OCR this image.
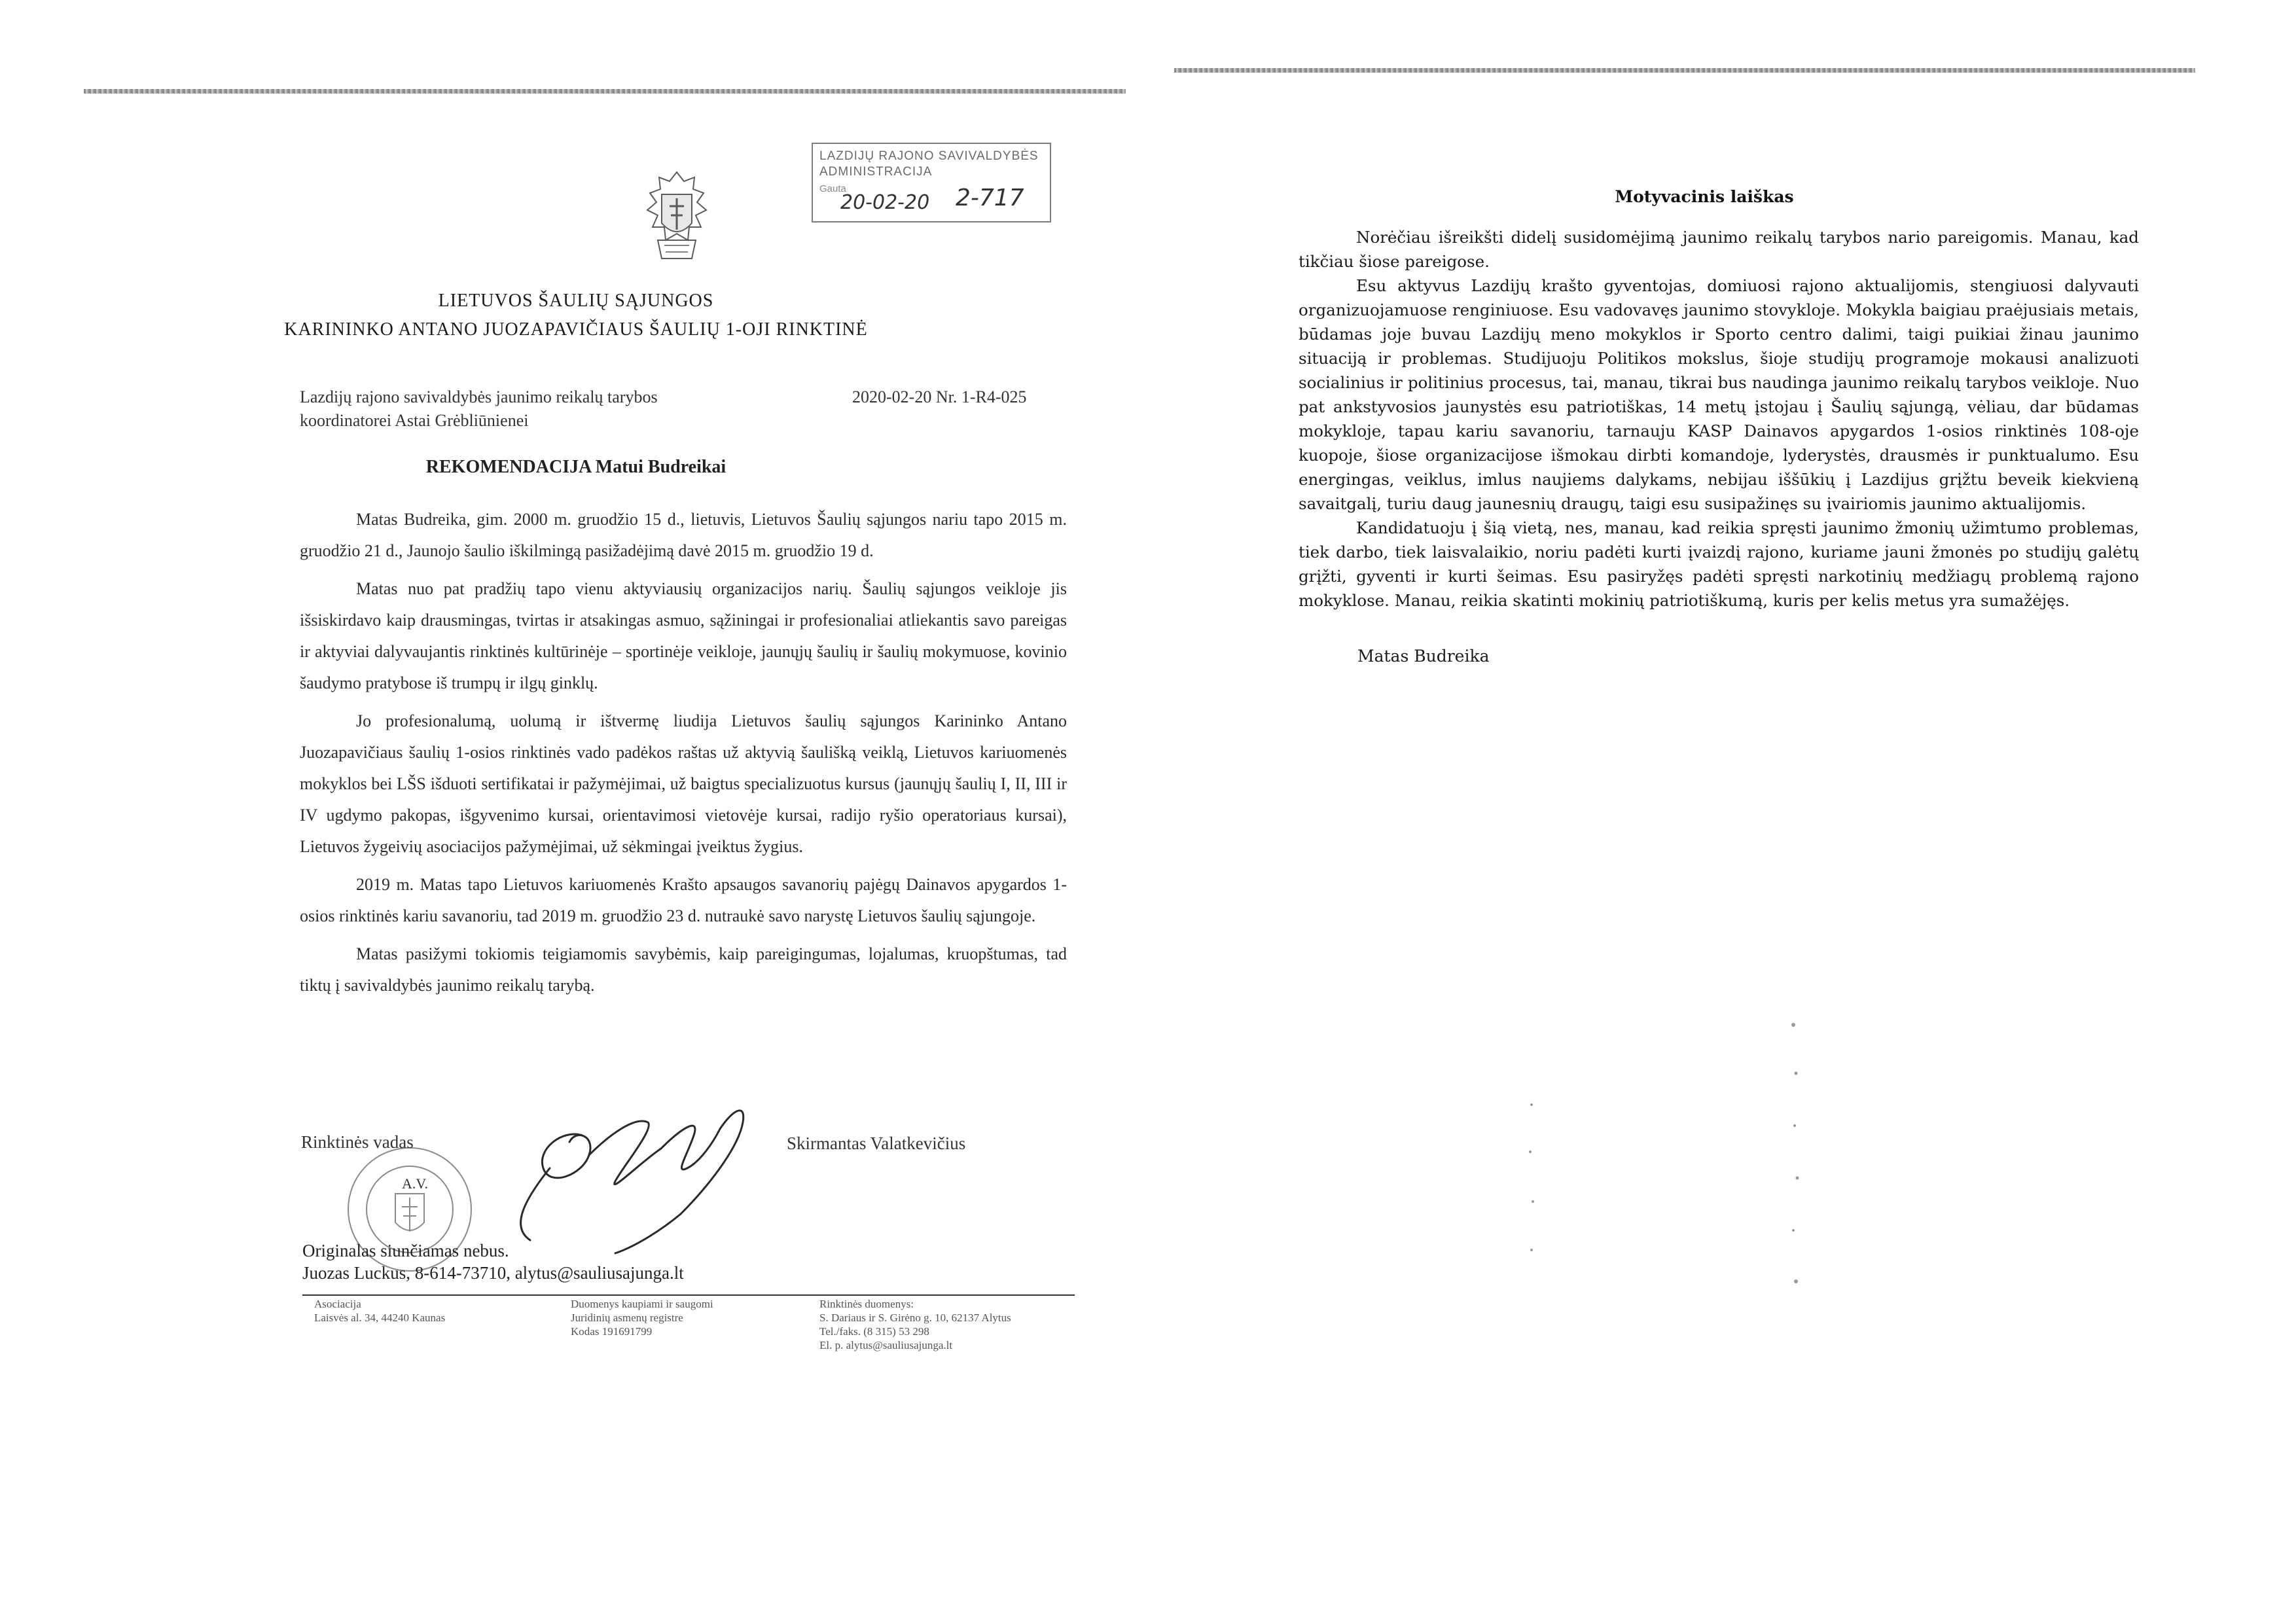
LAZDIJŲ RAJONO SAVIVALDYBĖS
ADMINISTRACIJA
Gauta
20-02-20 2-717
LIETUVOS ŠAULIŲ SĄJUNGOS
KARININKO ANTANO JUOZAPAVIČIAUS ŠAULIŲ 1-OJI RINKTINĖ
Lazdijų rajono savivaldybės jaunimo reikalų tarybos
koordinatorei Astai Grėbliūnienei
2020-02-20 Nr. 1-R4-025
REKOMENDACIJA Matui Budreikai

Matas Budreika, gim. 2000 m. gruodžio 15 d., lietuvis, Lietuvos Šaulių sąjungos nariu tapo 2015 m. gruodžio 21 d., Jaunojo šaulio iškilmingą pasižadėjimą davė 2015 m. gruodžio 19 d.

Matas nuo pat pradžių tapo vienu aktyviausių organizacijos narių. Šaulių sąjungos veikloje jis išsiskirdavo kaip drausmingas, tvirtas ir atsakingas asmuo, sąžiningai ir profesionaliai atliekantis savo pareigas ir aktyviai dalyvaujantis rinktinės kultūrinėje – sportinėje veikloje, jaunųjų šaulių ir šaulių mokymuose, kovinio šaudymo pratybose iš trumpų ir ilgų ginklų.

Jo profesionalumą, uolumą ir ištvermę liudija Lietuvos šaulių sąjungos Karininko Antano Juozapavičiaus šaulių 1-osios rinktinės vado padėkos raštas už aktyvią šaulišką veiklą, Lietuvos kariuomenės mokyklos bei LŠS išduoti sertifikatai ir pažymėjimai, už baigtus specializuotus kursus (jaunųjų šaulių I, II, III ir IV ugdymo pakopas, išgyvenimo kursai, orientavimosi vietovėje kursai, radijo ryšio operatoriaus kursai), Lietuvos žygeivių asociacijos pažymėjimai, už sėkmingai įveiktus žygius.

2019 m. Matas tapo Lietuvos kariuomenės Krašto apsaugos savanorių pajėgų Dainavos apygardos 1-osios rinktinės kariu savanoriu, tad 2019 m. gruodžio 23 d. nutraukė savo narystę Lietuvos šaulių sąjungoje.

Matas pasižymi tokiomis teigiamomis savybėmis, kaip pareigingumas, lojalumas, kruopštumas, tad tiktų į savivaldybės jaunimo reikalų tarybą.

A.V.
Rinktinės vadas	Skirmantas Valatkevičius
Originalas siunčiamas nebus.
Juozas Luckus, 8-614-73710, alytus@sauliusajunga.lt
Asociacija
Laisvės al. 34, 44240 Kaunas
Duomenys kaupiami ir saugomi
Juridinių asmenų registre
Kodas 191691799
Rinktinės duomenys:
S. Dariaus ir S. Girėno g. 10, 62137 Alytus
Tel./faks. (8 315) 53 298
El. p. alytus@sauliusajunga.lt
Motyvacinis laiškas

Norėčiau išreikšti didelį susidomėjimą jaunimo reikalų tarybos nario pareigomis. Manau, kad tikčiau šiose pareigose.

Esu aktyvus Lazdijų krašto gyventojas, domiuosi rajono aktualijomis, stengiuosi dalyvauti organizuojamuose renginiuose. Esu vadovavęs jaunimo stovykloje. Mokykla baigiau praėjusiais metais, būdamas joje buvau Lazdijų meno mokyklos ir Sporto centro dalimi, taigi puikiai žinau jaunimo situaciją ir problemas. Studijuoju Politikos mokslus, šioje studijų programoje mokausi analizuoti socialinius ir politinius procesus, tai, manau, tikrai bus naudinga jaunimo reikalų tarybos veikloje. Nuo pat ankstyvosios jaunystės esu patriotiškas, 14 metų įstojau į Šaulių sąjungą, vėliau, dar būdamas mokykloje, tapau kariu savanoriu, tarnauju KASP Dainavos apygardos 1-osios rinktinės 108-oje kuopoje, šiose organizacijose išmokau dirbti komandoje, lyderystės, drausmės ir punktualumo. Esu energingas, veiklus, imlus naujiems dalykams, nebijau iššūkių į Lazdijus grįžtu beveik kiekvieną savaitgalį, turiu daug jaunesnių draugų, taigi esu susipažinęs su įvairiomis jaunimo aktualijomis.

Kandidatuoju į šią vietą, nes, manau, kad reikia spręsti jaunimo žmonių užimtumo problemas, tiek darbo, tiek laisvalaikio, noriu padėti kurti įvaizdį rajono, kuriame jauni žmonės po studijų galėtų grįžti, gyventi ir kurti šeimas. Esu pasiryžęs padėti spręsti narkotinių medžiagų problemą rajono mokyklose. Manau, reikia skatinti mokinių patriotiškumą, kuris per kelis metus yra sumažėjęs.

Matas Budreika
